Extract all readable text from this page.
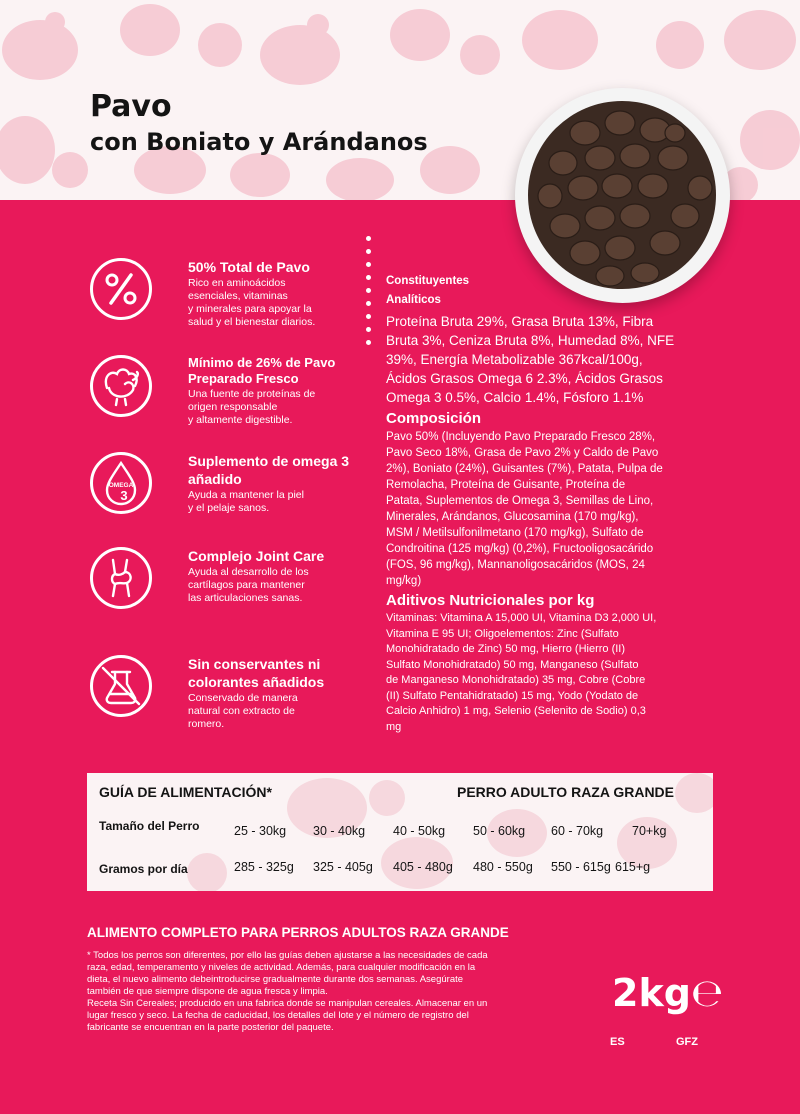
Pavo
con Boniato y Arándanos
50% Total de Pavo
Rico en aminoácidos
esenciales, vitaminas
y minerales para apoyar la
salud y el bienestar diarios.
Mínimo de 26% de Pavo Preparado Fresco
Una fuente de proteínas de
origen responsable
y altamente digestible.
OMEGA
3
Suplemento de omega 3 añadido
Ayuda a mantener la piel
y el pelaje sanos.
Complejo Joint Care
Ayuda al desarrollo de los
cartílagos para mantener
las articulaciones sanas.
Sin conservantes ni colorantes añadidos
Conservado de manera
natural con extracto de
romero.
Constituyentes
Analíticos
Proteína Bruta 29%, Grasa Bruta 13%, Fibra
Bruta 3%, Ceniza Bruta 8%, Humedad 8%, NFE
39%, Energía Metabolizable 367kcal/100g,
Ácidos Grasos Omega 6 2.3%, Ácidos Grasos
Omega 3 0.5%, Calcio 1.4%, Fósforo 1.1%
Composición
Pavo 50% (Incluyendo Pavo Preparado Fresco 28%,
Pavo Seco 18%, Grasa de Pavo 2% y Caldo de Pavo
2%), Boniato (24%), Guisantes (7%), Patata, Pulpa de
Remolacha, Proteína de Guisante, Proteína de
Patata, Suplementos de Omega 3, Semillas de Lino,
Minerales, Arándanos, Glucosamina (170 mg/kg),
MSM / Metilsulfonilmetano (170 mg/kg), Sulfato de
Condroitina (125 mg/kg) (0,2%), Fructooligosacárido
(FOS, 96 mg/kg), Mannanoligosacáridos (MOS, 24
mg/kg)
Aditivos Nutricionales por kg
Vitaminas: Vitamina A 15,000 UI, Vitamina D3 2,000 UI,
Vitamina E 95 UI; Oligoelementos: Zinc (Sulfato
Monohidratado de Zinc) 50 mg, Hierro (Hierro (II)
Sulfato Monohidratado) 50 mg, Manganeso (Sulfato
de Manganeso Monohidratado) 35 mg, Cobre (Cobre
(II) Sulfato Pentahidratado) 15 mg, Yodo (Yodato de
Calcio Anhidro) 1 mg, Selenio (Selenito de Sodio) 0,3
mg
GUÍA DE ALIMENTACIÓN*	PERRO ADULTO RAZA GRANDE
Tamaño del Perro
Gramos por día
25 - 30kg 30 - 40kg 40 - 50kg 50 - 60kg 60 - 70kg 70+kg
285 - 325g 325 - 405g 405 - 480g 480 - 550g 550 - 615g 615+g
ALIMENTO COMPLETO PARA PERROS ADULTOS RAZA GRANDE
* Todos los perros son diferentes, por ello las guías deben ajustarse a las necesidades de cada
raza, edad, temperamento y niveles de actividad. Además, para cualquier modificación en la
dieta, el nuevo alimento debeintroducirse gradualmente durante dos semanas. Asegúrate
también de que siempre dispone de agua fresca y limpia.
Receta Sin Cereales; producido en una fabrica donde se manipulan cereales. Almacenar en un
lugar fresco y seco. La fecha de caducidad, los detalles del lote y el número de registro del
fabricante se encuentran en la parte posterior del paquete.
2kg℮
ES	GFZ
